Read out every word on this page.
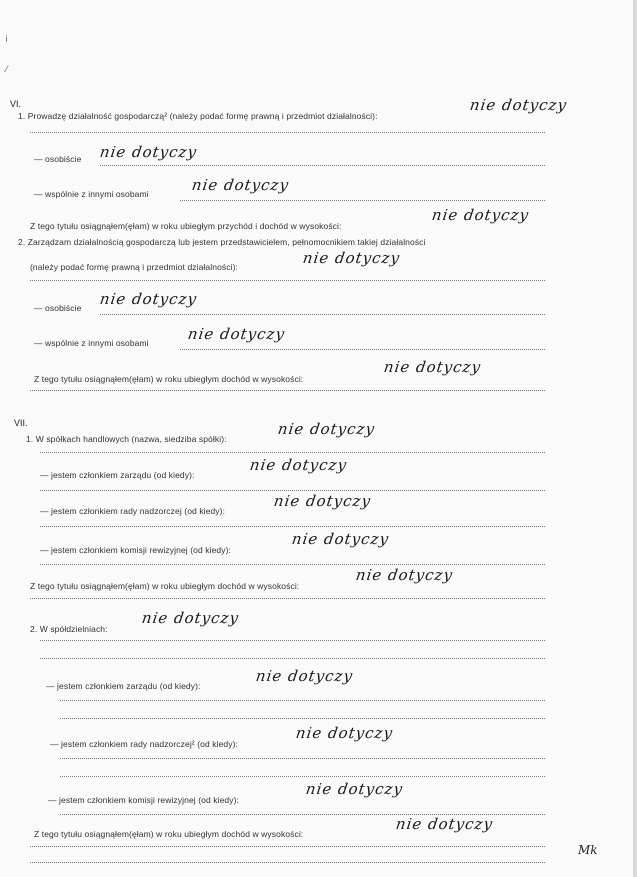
¡
⁄
VI.
1. Prowadzę działalność gospodarczą² (należy podać formę prawną i przedmiot działalności):
nie dotyczy
— osobiście nie dotyczy
— wspólnie z innymi osobami	nie dotyczy
Z tego tytułu osiągnąłem(ęłam) w roku ubiegłym przychód i dochód w wysokości:
nie dotyczy
2. Zarządzam działalnością gospodarczą lub jestem przedstawicielem, pełnomocnikiem takiej działalności
(należy podać formę prawną i przedmiot działalności):	nie dotyczy
— osobiście nie dotyczy
— wspólnie z innymi osobami	nie dotyczy
Z tego tytułu osiągnąłem(ęłam) w roku ubiegłym dochód w wysokości:
nie dotyczy
VII.
1. W spółkach handlowych (nazwa, siedziba spółki):
nie dotyczy
— jestem członkiem zarządu (od kiedy):
nie dotyczy
— jestem członkiem rady nadzorczej (od kiedy):
nie dotyczy
— jestem członkiem komisji rewizyjnej (od kiedy):
nie dotyczy
Z tego tytułu osiągnąłem(ęłam) w roku ubiegłym dochód w wysokości:
nie dotyczy
2. W spółdzielniach:
nie dotyczy
— jestem członkiem zarządu (od kiedy):
nie dotyczy
— jestem członkiem rady nadzorczej² (od kiedy):
nie dotyczy
— jestem członkiem komisji rewizyjnej (od kiedy):
nie dotyczy
Z tego tytułu osiągnąłem(ęłam) w roku ubiegłym dochód w wysokości:
nie dotyczy
Mk
